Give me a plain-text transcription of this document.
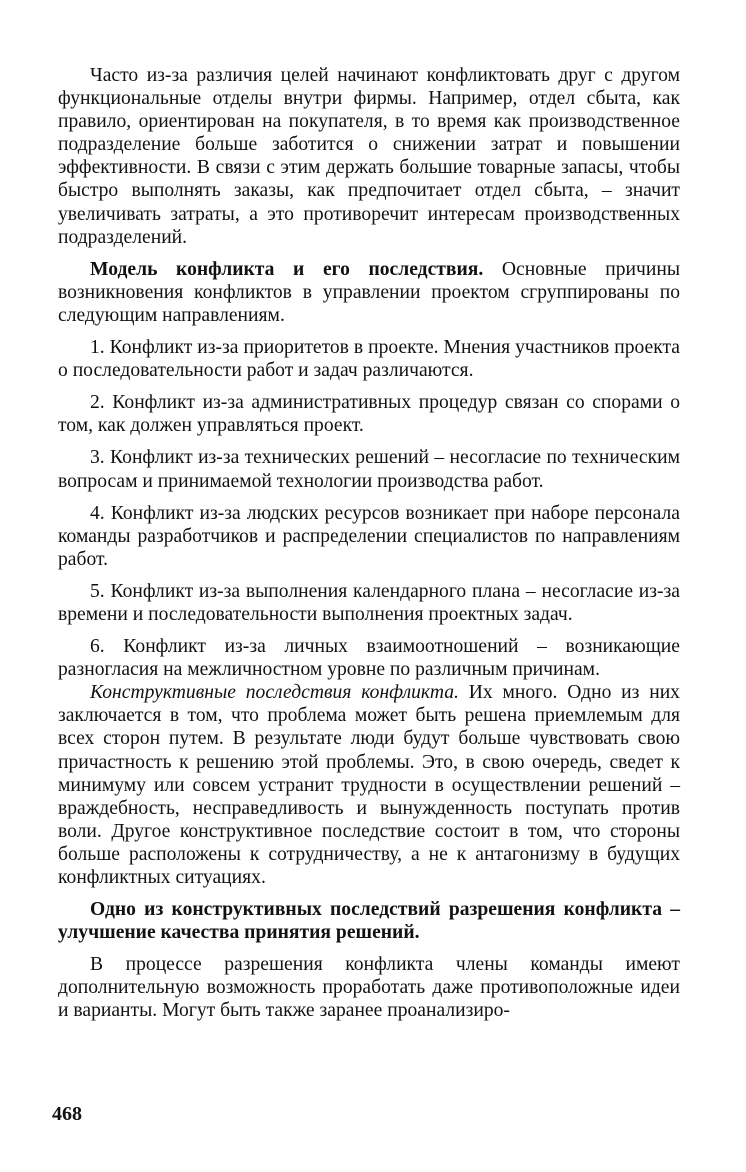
Часто из-за различия целей начинают конфликтовать друг с другом функциональные отделы внутри фирмы. Например, отдел сбыта, как правило, ориентирован на покупателя, в то время как производственное подразделение больше заботится о снижении затрат и повышении эффективности. В связи с этим держать большие товарные запасы, чтобы быстро выполнять заказы, как предпочитает отдел сбыта, – значит увеличивать затраты, а это противоречит интересам производственных подразделений.

Модель конфликта и его последствия. Основные причины возникновения конфликтов в управлении проектом сгруппированы по следующим направлениям.

1. Конфликт из-за приоритетов в проекте. Мнения участников проекта о последовательности работ и задач различаются.

2. Конфликт из-за административных процедур связан со спорами о том, как должен управляться проект.

3. Конфликт из-за технических решений – несогласие по техническим вопросам и принимаемой технологии производства работ.

4. Конфликт из-за людских ресурсов возникает при наборе персонала команды разработчиков и распределении специалистов по направлениям работ.

5. Конфликт из-за выполнения календарного плана – несогласие из-за времени и последовательности выполнения проектных задач.

6. Конфликт из-за личных взаимоотношений – возникающие разногласия на межличностном уровне по различным причинам.

Конструктивные последствия конфликта. Их много. Одно из них заключается в том, что проблема может быть решена приемлемым для всех сторон путем. В результате люди будут больше чувствовать свою причастность к решению этой проблемы. Это, в свою очередь, сведет к минимуму или совсем устранит трудности в осуществлении решений – враждебность, несправедливость и вынужденность поступать против воли. Другое конструктивное последствие состоит в том, что стороны больше расположены к сотрудничеству, а не к антагонизму в будущих конфликтных ситуациях.

Одно из конструктивных последствий разрешения конфликта – улучшение качества принятия решений.

В процессе разрешения конфликта члены команды имеют дополнительную возможность проработать даже противоположные идеи и варианты. Могут быть также заранее проанализиро-

468
